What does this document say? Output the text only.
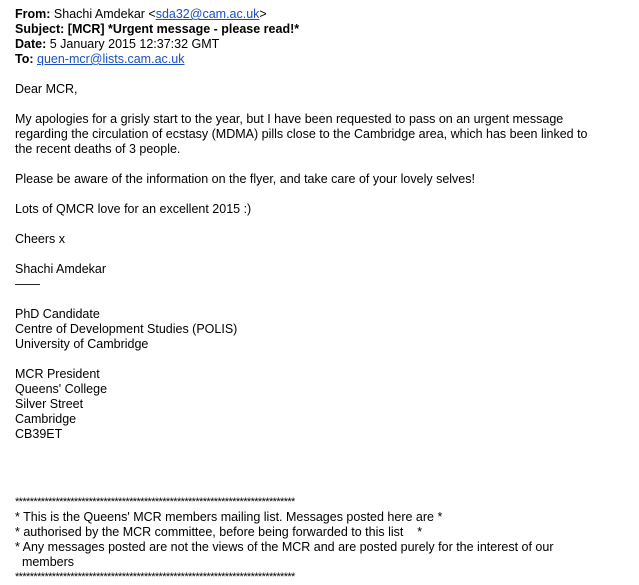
From: Shachi Amdekar <sda32@cam.ac.uk>
Subject: [MCR] *Urgent message - please read!*
Date: 5 January 2015 12:37:32 GMT
To: quen-mcr@lists.cam.ac.uk
Dear MCR,
My apologies for a grisly start to the year, but I have been requested to pass on an urgent message
regarding the circulation of ecstasy (MDMA) pills close to the Cambridge area, which has been linked to
the recent deaths of 3 people.
Please be aware of the information on the flyer, and take care of your lovely selves!
Lots of QMCR love for an excellent 2015 :)
Cheers x
Shachi Amdekar
——
PhD Candidate
Centre of Development Studies (POLIS)
University of Cambridge
MCR President
Queens' College
Silver Street
Cambridge
CB39ET
****************************************************************************
* This is the Queens' MCR members mailing list. Messages posted here are *
* authorised by the MCR committee, before being forwarded to this list    *
* Any messages posted are not the views of the MCR and are posted purely for the interest of our
members
****************************************************************************
